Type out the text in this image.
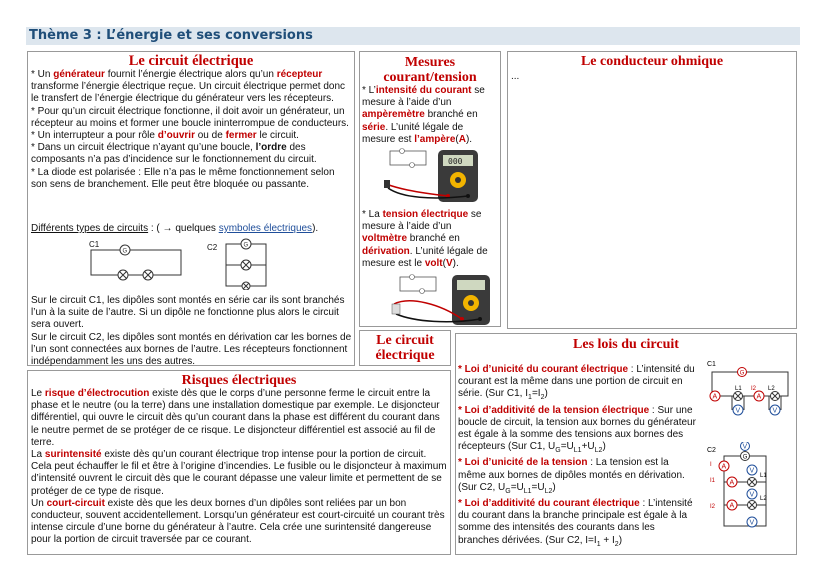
Thème 3 : L’énergie et ses conversions
Le circuit électrique
* Un générateur fournit l’énergie électrique alors qu’un récepteur transforme l’énergie électrique reçue. Un circuit électrique permet donc le transfert de l’énergie électrique du générateur vers les récepteurs.
* Pour qu’un circuit électrique fonctionne, il doit avoir un générateur, un récepteur au moins et former une boucle ininterrompue de conducteurs.
* Un interrupteur a pour rôle d’ouvrir ou de fermer le circuit.
* Dans un circuit électrique n’ayant qu’une boucle, l’ordre des composants n’a pas d’incidence sur le fonctionnement du circuit.
* La diode est polarisée : Elle n’a pas le même fonctionnement selon son sens de branchement. Elle peut être bloquée ou passante.
Différents types de circuits : ( → quelques symboles électriques).
C1
G	C2	G
Sur le circuit C1, les dipôles sont montés en série car ils sont branchés l’un à la suite de l’autre. Si un dipôle ne fonctionne plus alors le circuit sera ouvert.
Sur le circuit C2, les dipôles sont montés en dérivation car les bornes de l’un sont connectées aux bornes de l’autre. Les récepteurs fonctionnent indépendamment les uns des autres.
Mesures
courant/tension
* L’intensité du courant se mesure à l’aide d’un ampèremètre branché en série. L’unité légale de mesure est l’ampère(A).
000
* La tension électrique se mesure à l’aide d’un voltmètre branché en dérivation. L’unité légale de mesure est le volt(V).
Le conducteur ohmique
...
Le circuit
électrique
Les lois du circuit
* Loi d’unicité du courant électrique : L’intensité du courant est la même dans une portion de circuit en série. (Sur C1, $I_1=I_2$)
* Loi d’additivité de la tension électrique : Sur une boucle de circuit, la tension aux bornes du générateur est égale à la somme des tensions aux bornes des récepteurs (Sur C1, $U_G=U_{L1}+U_{L2}$)
* Loi d’unicité de la tension : La tension est la même aux bornes de dipôles montés en dérivation. (Sur C2, $U_G=U_{L1}=U_{L2}$)
* Loi d’additivité du courant électrique : L’intensité du courant dans la branche principale est égale à la somme des intensités des courants dans les branches dérivées. (Sur C2, $I=I_1 + I_2$)
C1
G
A
L1 I2
A
L2
V	V
C2
G
V
I A
I1 A
L1
V
I2 A
L2
V
V
Risques électriques
Le risque d’électrocution existe dès que le corps d’une personne ferme le circuit entre la phase et le neutre (ou la terre) dans une installation domestique par exemple. Le disjoncteur différentiel, qui ouvre le circuit dès qu’un courant dans la phase est différent du courant dans le neutre permet de se protéger de ce risque. Le disjoncteur différentiel est associé au fil de terre.
La surintensité existe dès qu’un courant électrique trop intense pour la portion de circuit. Cela peut échauffer le fil et être à l’origine d’incendies. Le fusible ou le disjoncteur à maximum d’intensité ouvrent le circuit dès que le courant dépasse une valeur limite et permettent de se protéger de ce type de risque.
Un court-circuit existe dès que les deux bornes d’un dipôles sont reliées par un bon conducteur, souvent accidentellement. Lorsqu’un générateur est court-circuité un courant très intense circule d’une borne du générateur à l’autre. Cela crée une surintensité dangereuse pour la portion de circuit traversée par ce courant.
